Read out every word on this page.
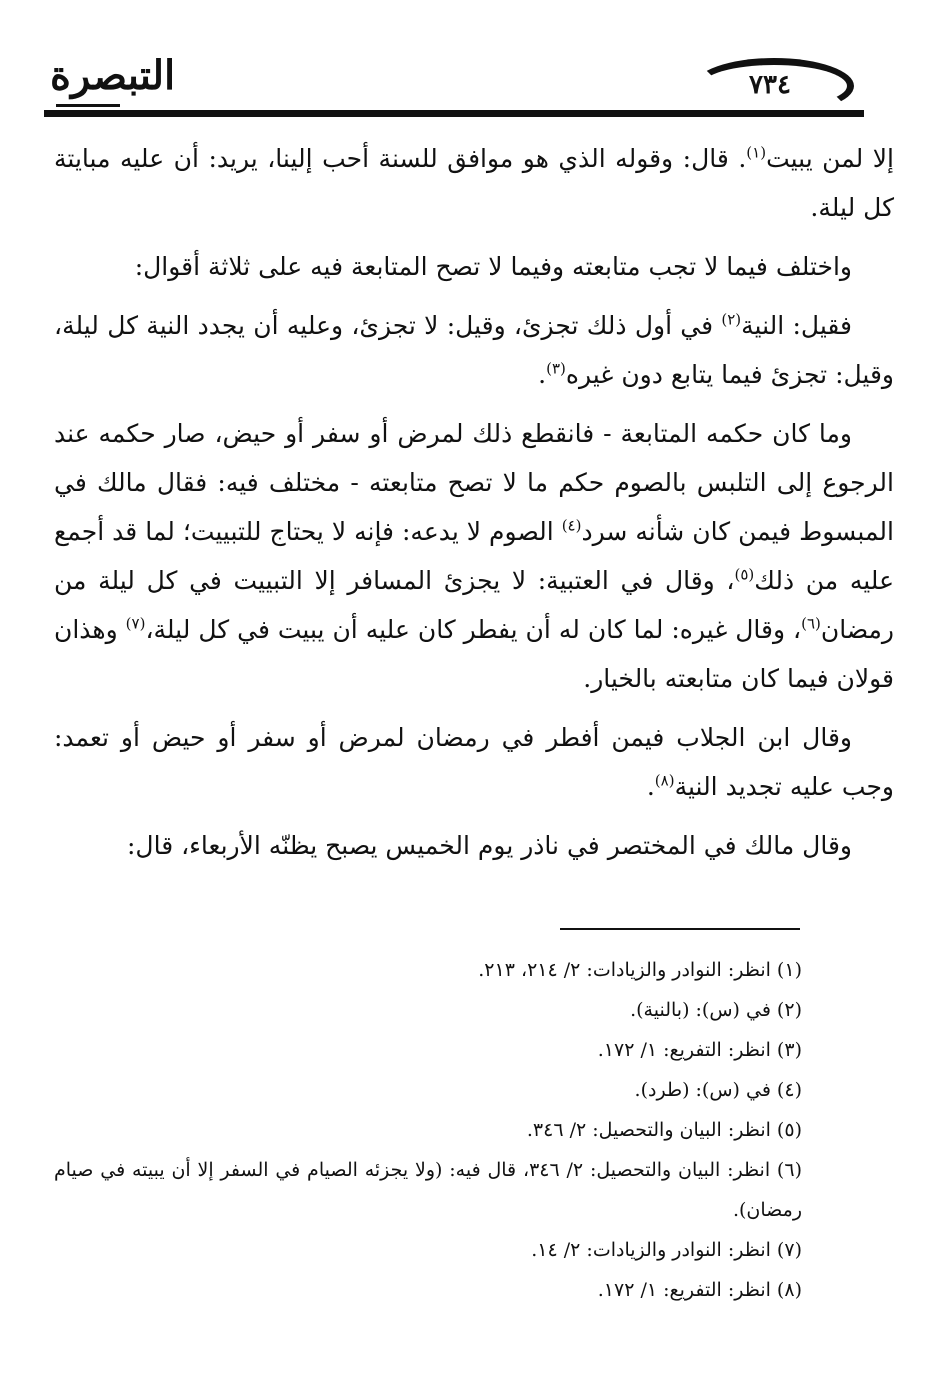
التبصرة	٧٣٤

إلا لمن يبيت$^{(١)}$. قال: وقوله الذي هو موافق للسنة أحب إلينا، يريد: أن عليه مبايتة كل ليلة.

واختلف فيما لا تجب متابعته وفيما لا تصح المتابعة فيه على ثلاثة أقوال:

فقيل: النية$^{(٢)}$ في أول ذلك تجزئ، وقيل: لا تجزئ، وعليه أن يجدد النية كل ليلة، وقيل: تجزئ فيما يتابع دون غيره$^{(٣)}$.

وما كان حكمه المتابعة - فانقطع ذلك لمرض أو سفر أو حيض، صار حكمه عند الرجوع إلى التلبس بالصوم حكم ما لا تصح متابعته - مختلف فيه: فقال مالك في المبسوط فيمن كان شأنه سرد$^{(٤)}$ الصوم لا يدعه: فإنه لا يحتاج للتبييت؛ لما قد أجمع عليه من ذلك$^{(٥)}$، وقال في العتبية: لا يجزئ المسافر إلا التبييت في كل ليلة من رمضان$^{(٦)}$، وقال غيره: لما كان له أن يفطر كان عليه أن يبيت في كل ليلة،$^{(٧)}$ وهذان قولان فيما كان متابعته بالخيار.

وقال ابن الجلاب فيمن أفطر في رمضان لمرض أو سفر أو حيض أو تعمد: وجب عليه تجديد النية$^{(٨)}$.

وقال مالك في المختصر في ناذر يوم الخميس يصبح يظنّه الأربعاء، قال:

(١) انظر: النوادر والزيادات: ٢/ ٢١٤، ٢١٣.

(٢) في (س): (بالنية).

(٣) انظر: التفريع: ١/ ١٧٢.

(٤) في (س): (طرد).

(٥) انظر: البيان والتحصيل: ٢/ ٣٤٦.

(٦) انظر: البيان والتحصيل: ٢/ ٣٤٦، قال فيه: (ولا يجزئه الصيام في السفر إلا أن يبيته في صيام رمضان).

(٧) انظر: النوادر والزيادات: ٢/ ١٤.

(٨) انظر: التفريع: ١/ ١٧٢.
